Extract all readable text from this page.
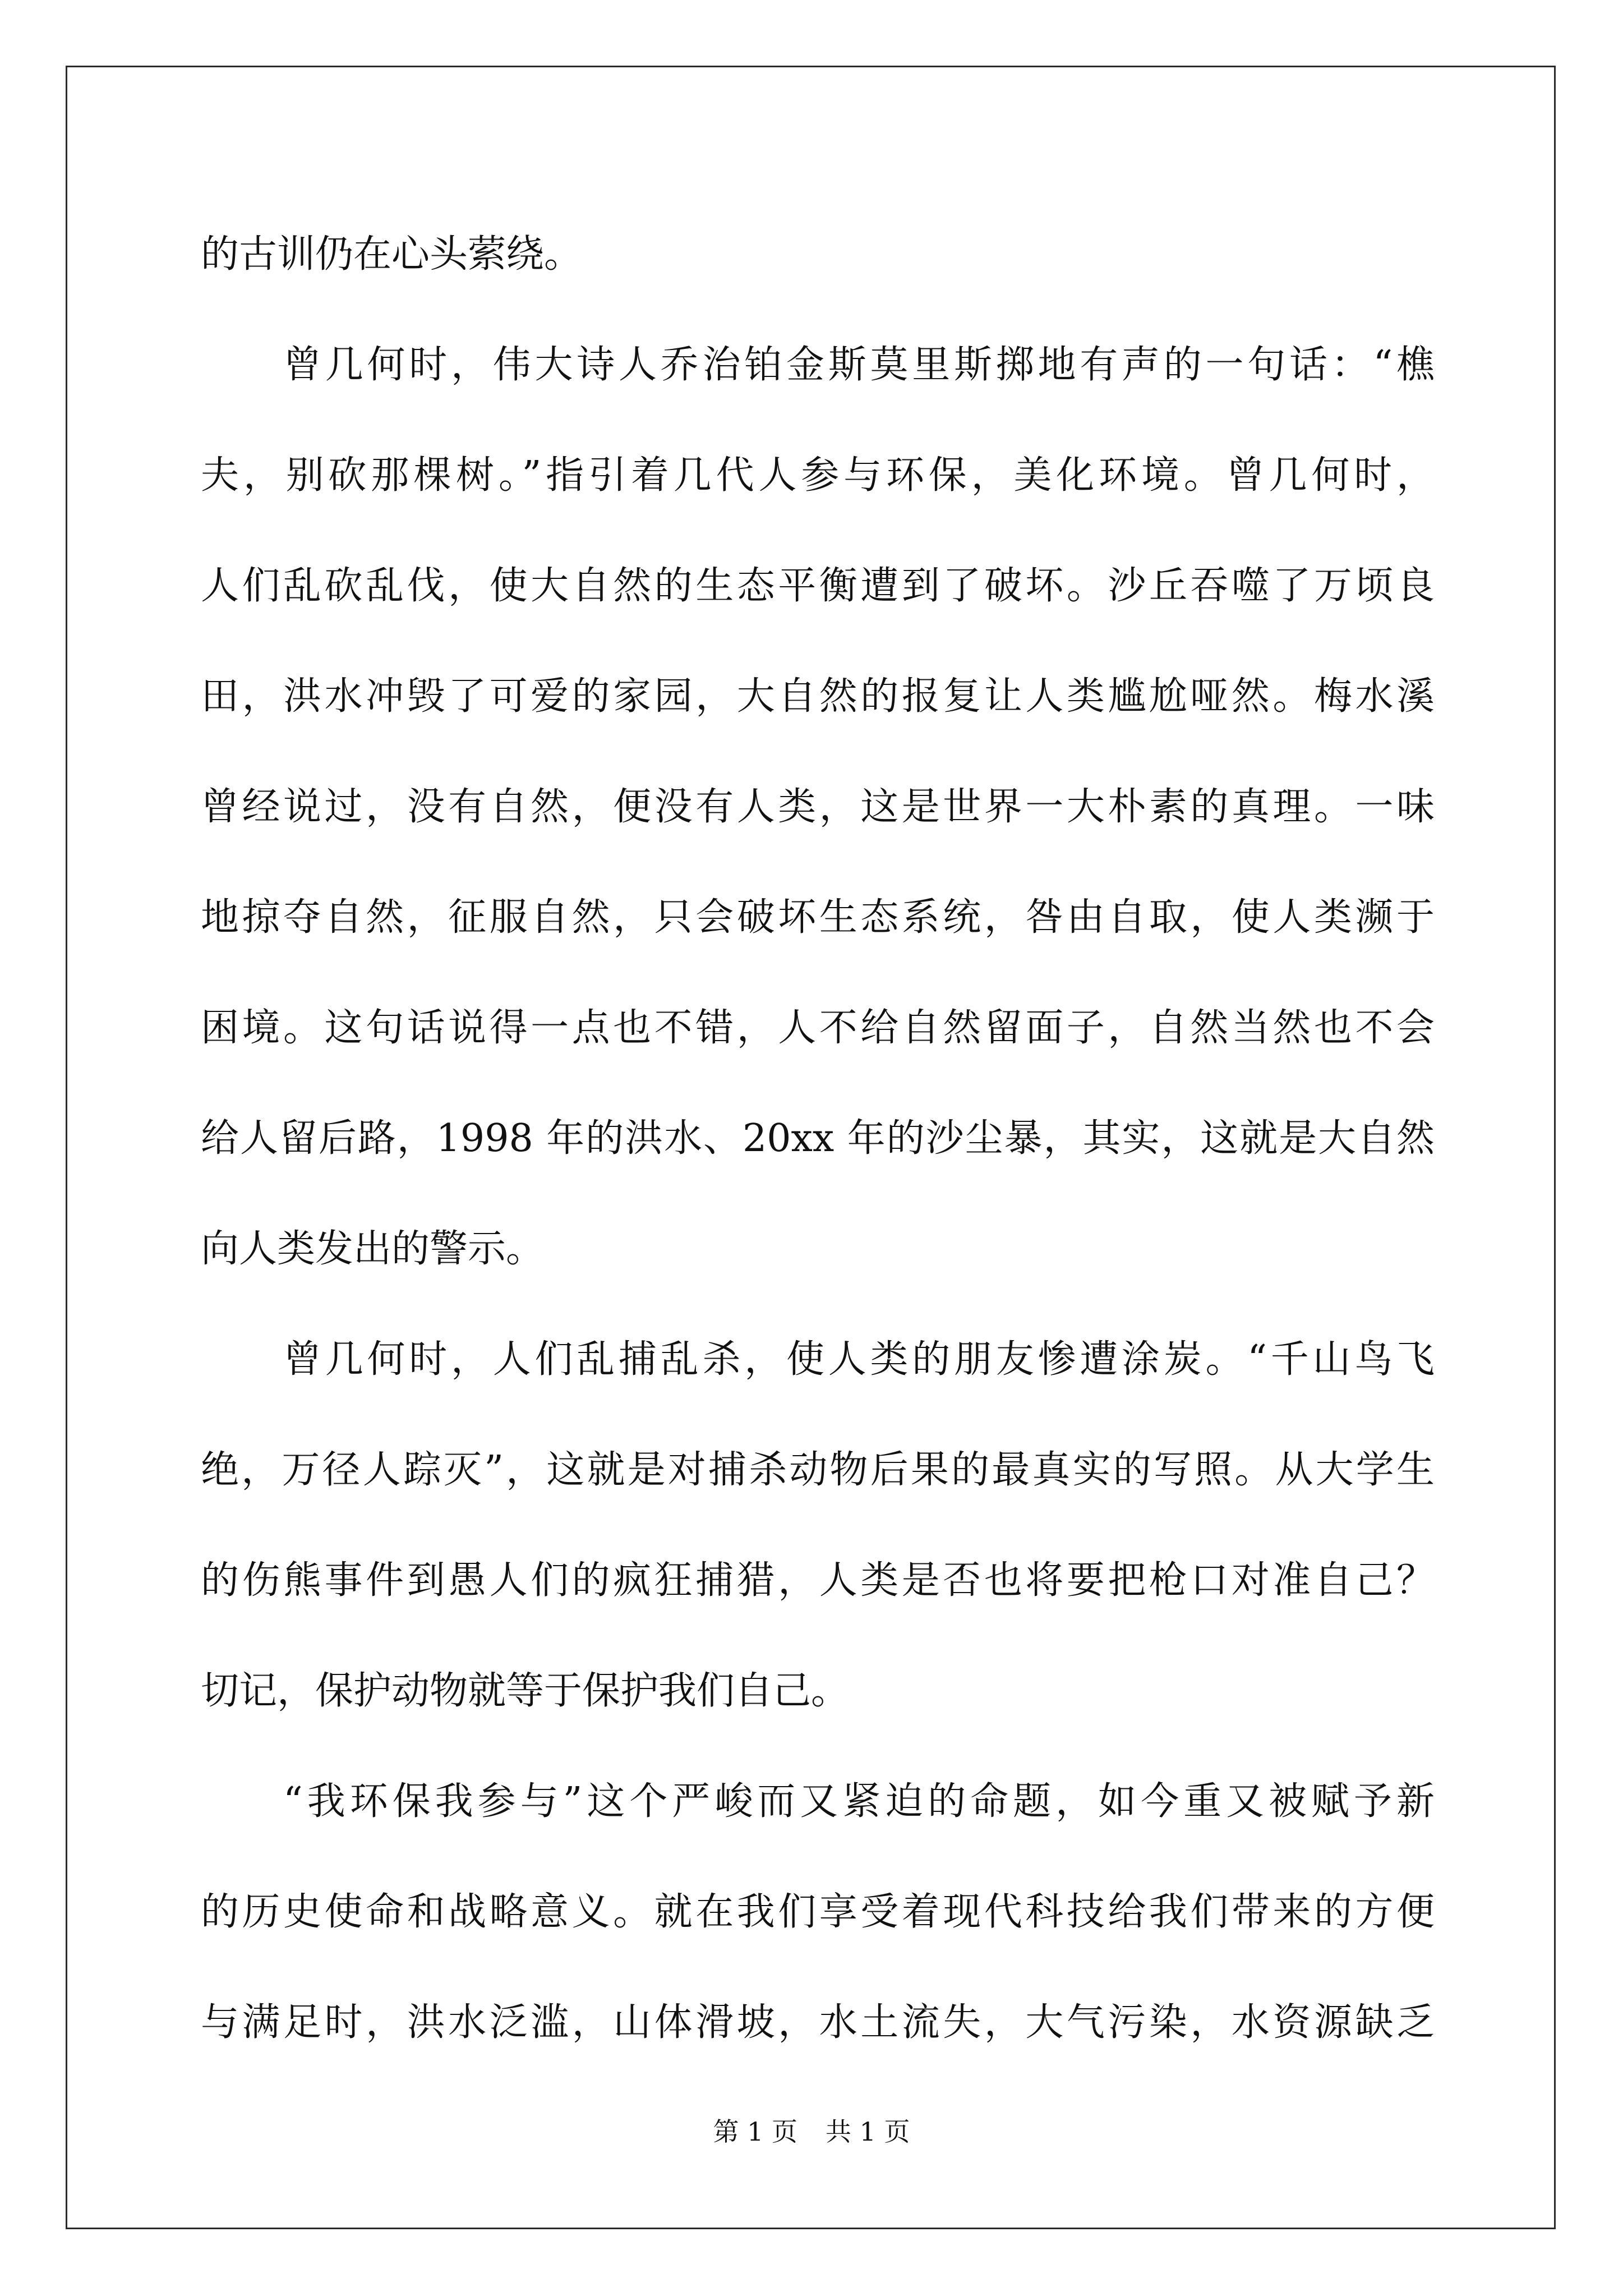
的古训仍在心头萦绕。
曾几何时，伟大诗人乔治铂金斯莫里斯掷地有声的一句话：“樵
夫，别砍那棵树。”指引着几代人参与环保，美化环境。曾几何时，
人们乱砍乱伐，使大自然的生态平衡遭到了破坏。沙丘吞噬了万顷良
田，洪水冲毁了可爱的家园，大自然的报复让人类尴尬哑然。梅水溪
曾经说过，没有自然，便没有人类，这是世界一大朴素的真理。一味
地掠夺自然，征服自然，只会破坏生态系统，咎由自取，使人类濒于
困境。这句话说得一点也不错，人不给自然留面子，自然当然也不会
给人留后路，1998 年的洪水、20xx 年的沙尘暴，其实，这就是大自然
向人类发出的警示。
曾几何时，人们乱捕乱杀，使人类的朋友惨遭涂炭。“千山鸟飞
绝，万径人踪灭”，这就是对捕杀动物后果的最真实的写照。从大学生
的伤熊事件到愚人们的疯狂捕猎，人类是否也将要把枪口对准自己？
切记，保护动物就等于保护我们自己。
“我环保我参与”这个严峻而又紧迫的命题，如今重又被赋予新
的历史使命和战略意义。就在我们享受着现代科技给我们带来的方便
与满足时，洪水泛滥，山体滑坡，水土流失，大气污染，水资源缺乏
第 1 页 共 1 页
